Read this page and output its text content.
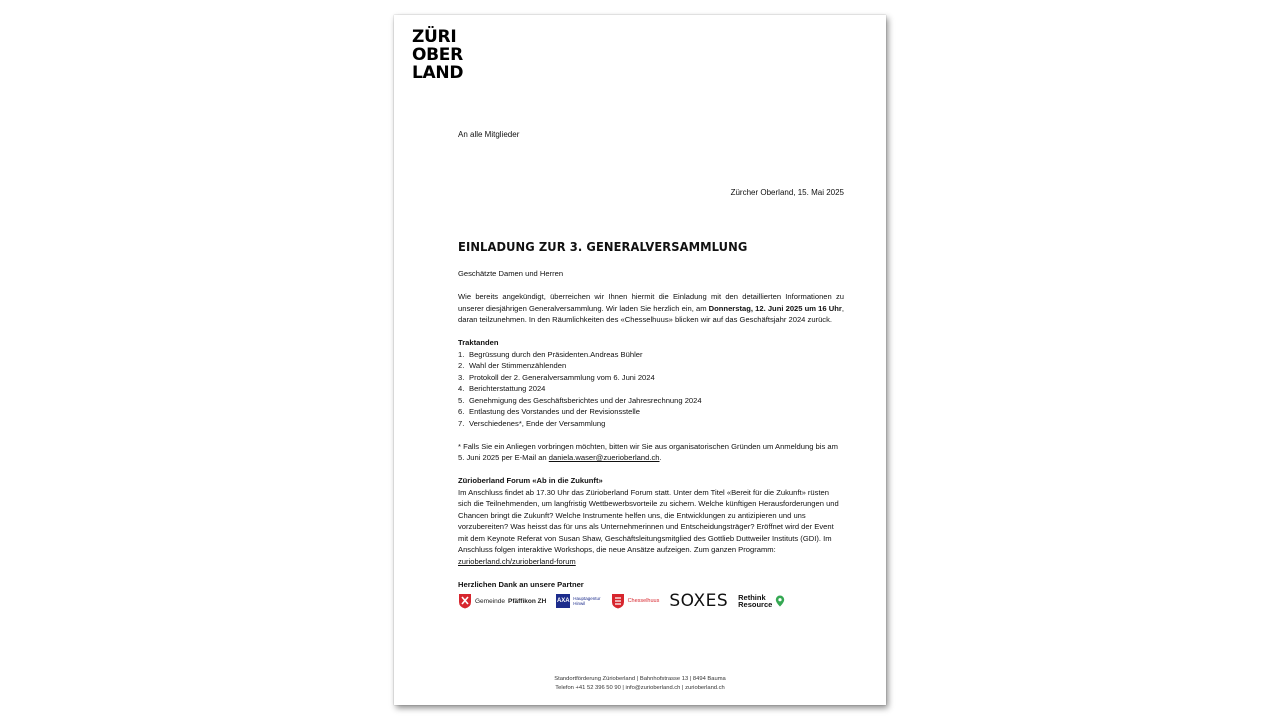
ZÜRI
OBER
LAND
An alle Mitglieder
Zürcher Oberland, 15. Mai 2025
EINLADUNG ZUR 3. GENERALVERSAMMLUNG

Geschätzte Damen und Herren

Wie bereits angekündigt, überreichen wir Ihnen hiermit die Einladung mit den detaillierten Informationen zu unserer diesjährigen Generalversammlung. Wir laden Sie herzlich ein, am Donnerstag, 12. Juni 2025 um 16 Uhr, daran teilzunehmen. In den Räumlichkeiten des «Chesselhuus» blicken wir auf das Geschäftsjahr 2024 zurück.

Traktanden

1. Begrüssung durch den Präsidenten.Andreas Bühler
2. Wahl der Stimmenzählenden
3. Protokoll der 2. Generalversammlung vom 6. Juni 2024
4. Berichterstattung 2024
5. Genehmigung des Geschäftsberichtes und der Jahresrechnung 2024
6. Entlastung des Vorstandes und der Revisionsstelle
7. Verschiedenes*, Ende der Versammlung

* Falls Sie ein Anliegen vorbringen möchten, bitten wir Sie aus organisatorischen Gründen um Anmeldung bis am 5. Juni 2025 per E-Mail an daniela.waser@zuerioberland.ch.

Zürioberland Forum «Ab in die Zukunft»

Im Anschluss findet ab 17.30 Uhr das Zürioberland Forum statt. Unter dem Titel «Bereit für die Zukunft» rüsten sich die Teilnehmenden, um langfristig Wettbewerbsvorteile zu sichern. Welche künftigen Herausforderungen und Chancen bringt die Zukunft? Welche Instrumente helfen uns, die Entwicklungen zu antizipieren und uns vorzubereiten? Was heisst das für uns als Unternehmerinnen und Entscheidungsträger? Eröffnet wird der Event mit dem Keynote Referat von Susan Shaw, Geschäftsleitungsmitglied des Gottlieb Duttweiler Instituts (GDI). Im Anschluss folgen interaktive Workshops, die neue Ansätze aufzeigen. Zum ganzen Programm: zurioberland.ch/zurioberland-forum

Herzlichen Dank an unsere Partner

Gemeinde Pfäffikon ZH AXA Hauptagentur
Hinwil	Chesselhuus SOXES Rethink
Resource
Standortförderung Zürioberland | Bahnhofstrasse 13 | 8494 Bauma
Telefon +41 52 396 50 90 | info@zurioberland.ch | zurioberland.ch
